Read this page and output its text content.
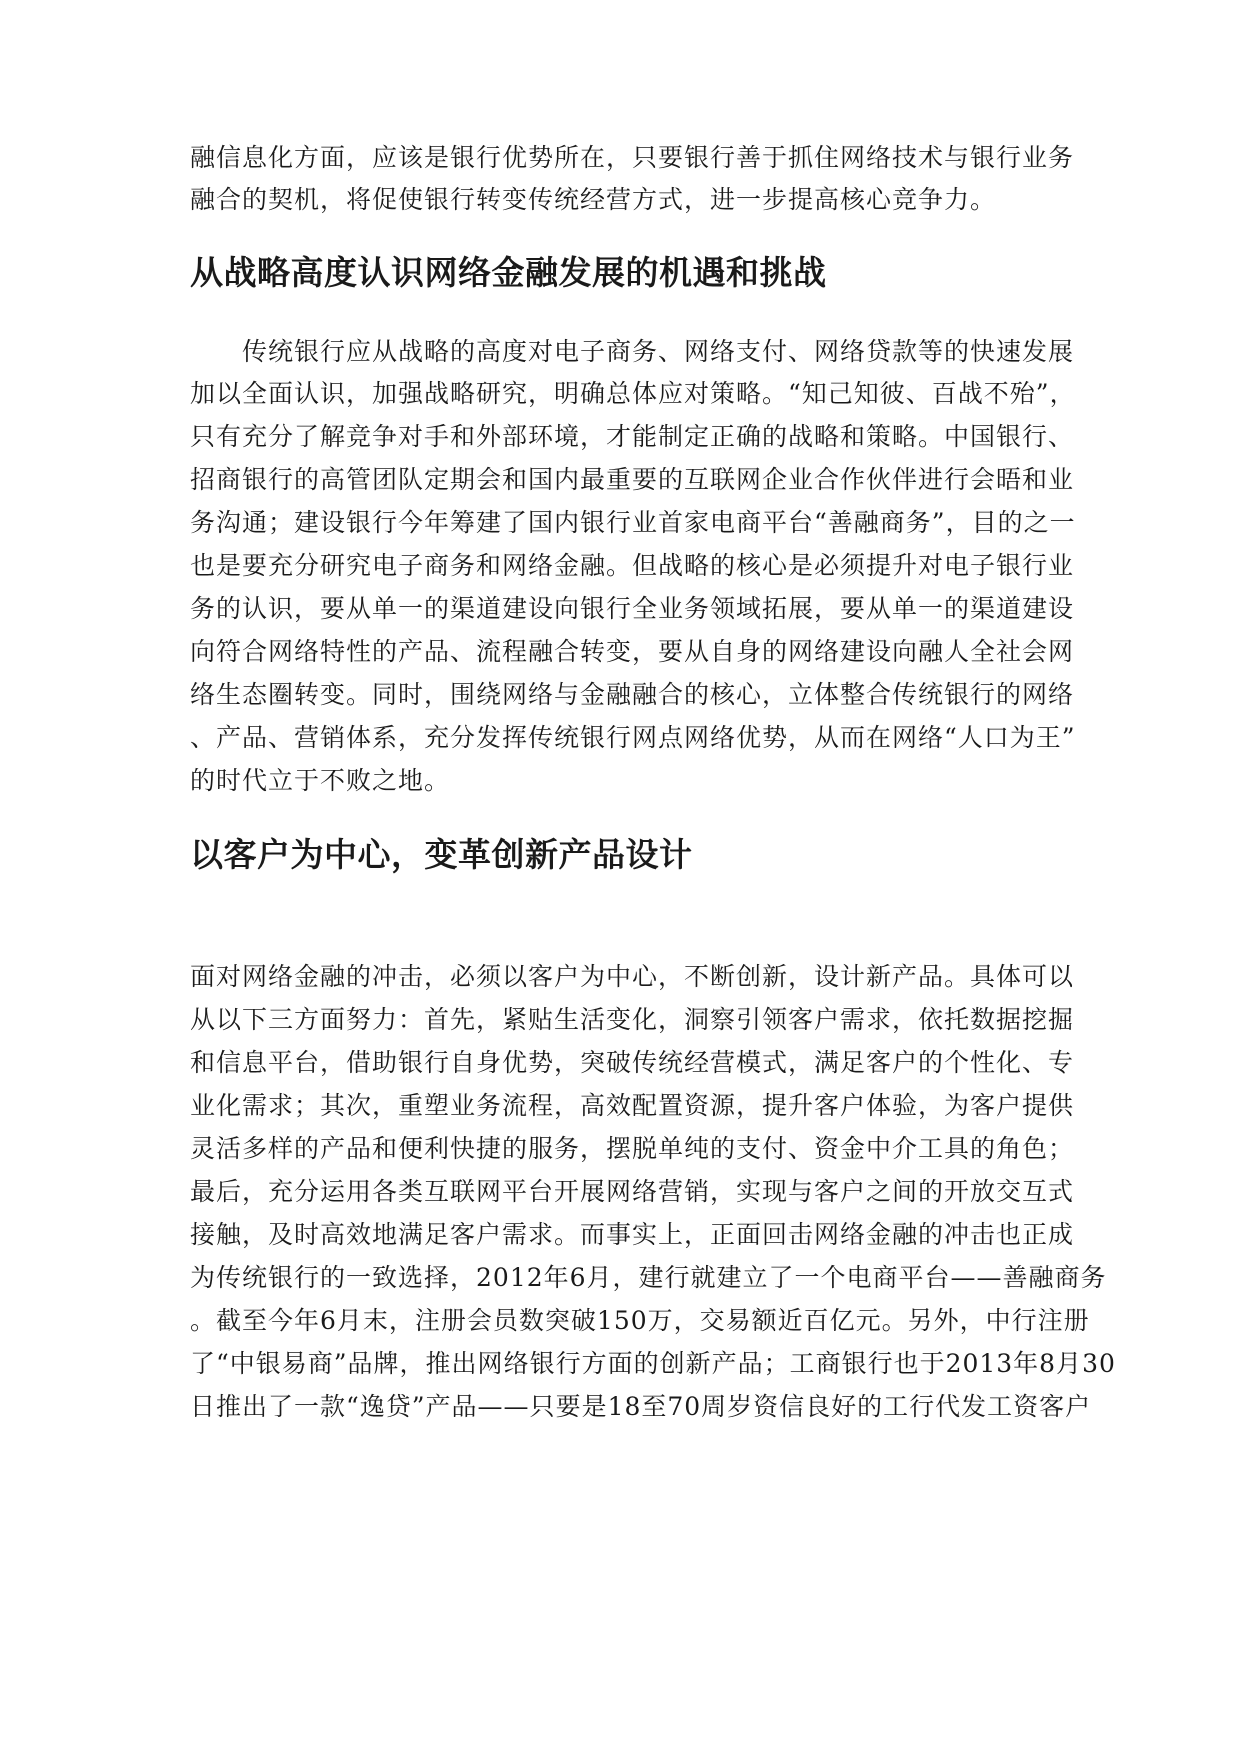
融信息化方面，应该是银行优势所在，只要银行善于抓住网络技术与银行业务

融合的契机，将促使银行转变传统经营方式，进一步提高核心竞争力。

从战略高度认识网络金融发展的机遇和挑战

　　传统银行应从战略的高度对电子商务、网络支付、网络贷款等的快速发展

加以全面认识，加强战略研究，明确总体应对策略。“知己知彼、百战不殆”，

只有充分了解竞争对手和外部环境，才能制定正确的战略和策略。中国银行、

招商银行的高管团队定期会和国内最重要的互联网企业合作伙伴进行会晤和业

务沟通；建设银行今年筹建了国内银行业首家电商平台“善融商务”，目的之一

也是要充分研究电子商务和网络金融。但战略的核心是必须提升对电子银行业

务的认识，要从单一的渠道建设向银行全业务领域拓展，要从单一的渠道建设

向符合网络特性的产品、流程融合转变，要从自身的网络建设向融人全社会网

络生态圈转变。同时，围绕网络与金融融合的核心，立体整合传统银行的网络

、产品、营销体系，充分发挥传统银行网点网络优势，从而在网络“人口为王”

的时代立于不败之地。

以客户为中心，变革创新产品设计

面对网络金融的冲击，必须以客户为中心，不断创新，设计新产品。具体可以

从以下三方面努力：首先，紧贴生活变化，洞察引领客户需求，依托数据挖掘

和信息平台，借助银行自身优势，突破传统经营模式，满足客户的个性化、专

业化需求；其次，重塑业务流程，高效配置资源，提升客户体验，为客户提供

灵活多样的产品和便利快捷的服务，摆脱单纯的支付、资金中介工具的角色；

最后，充分运用各类互联网平台开展网络营销，实现与客户之间的开放交互式

接触，及时高效地满足客户需求。而事实上，正面回击网络金融的冲击也正成

为传统银行的一致选择，2012年6月，建行就建立了一个电商平台——善融商务

。截至今年6月末，注册会员数突破150万，交易额近百亿元。另外，中行注册

了“中银易商”品牌，推出网络银行方面的创新产品；工商银行也于2013年8月30

日推出了一款“逸贷”产品——只要是18至70周岁资信良好的工行代发工资客户
